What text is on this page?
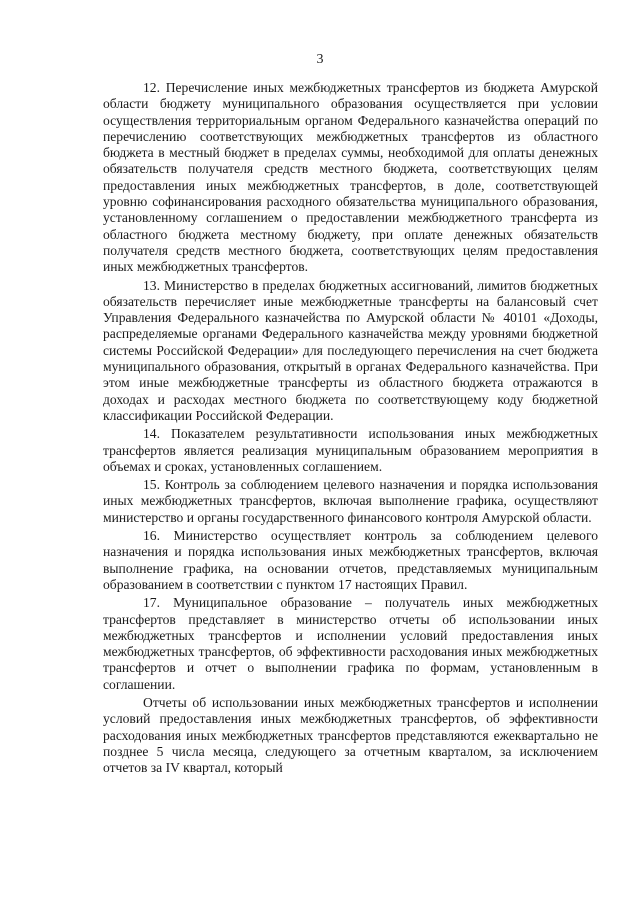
3

12. Перечисление иных межбюджетных трансфертов из бюджета Амурской области бюджету муниципального образования осуществляется при условии осуществления территориальным органом Федерального казначейства операций по перечислению соответствующих межбюджетных трансфертов из областного бюджета в местный бюджет в пределах суммы, необходимой для оплаты денежных обязательств получателя средств местного бюджета, соответствующих целям предоставления иных межбюджетных трансфертов, в доле, соответствующей уровню софинансирования расходного обязательства муниципального образования, установленному соглашением о предоставлении межбюджетного трансферта из областного бюджета местному бюджету, при оплате денежных обязательств получателя средств местного бюджета, соответствующих целям предоставления иных межбюджетных трансфертов.

13. Министерство в пределах бюджетных ассигнований, лимитов бюджетных обязательств перечисляет иные межбюджетные трансферты на балансовый счет Управления Федерального казначейства по Амурской области № 40101 «Доходы, распределяемые органами Федерального казначейства между уровнями бюджетной системы Российской Федерации» для последующего перечисления на счет бюджета муниципального образования, открытый в органах Федерального казначейства. При этом иные межбюджетные трансферты из областного бюджета отражаются в доходах и расходах местного бюджета по соответствующему коду бюджетной классификации Российской Федерации.

14. Показателем результативности использования иных межбюджетных трансфертов является реализация муниципальным образованием мероприятия в объемах и сроках, установленных соглашением.

15. Контроль за соблюдением целевого назначения и порядка использования иных межбюджетных трансфертов, включая выполнение графика, осуществляют министерство и органы государственного финансового контроля Амурской области.

16. Министерство осуществляет контроль за соблюдением целевого назначения и порядка использования иных межбюджетных трансфертов, включая выполнение графика, на основании отчетов, представляемых муниципальным образованием в соответствии с пунктом 17 настоящих Правил.

17. Муниципальное образование – получатель иных межбюджетных трансфертов представляет в министерство отчеты об использовании иных межбюджетных трансфертов и исполнении условий предоставления иных межбюджетных трансфертов, об эффективности расходования иных межбюджетных трансфертов и отчет о выполнении графика по формам, установленным в соглашении.

Отчеты об использовании иных межбюджетных трансфертов и исполнении условий предоставления иных межбюджетных трансфертов, об эффективности расходования иных межбюджетных трансфертов представляются ежеквартально не позднее 5 числа месяца, следующего за отчетным кварталом, за исключением отчетов за IV квартал, который
